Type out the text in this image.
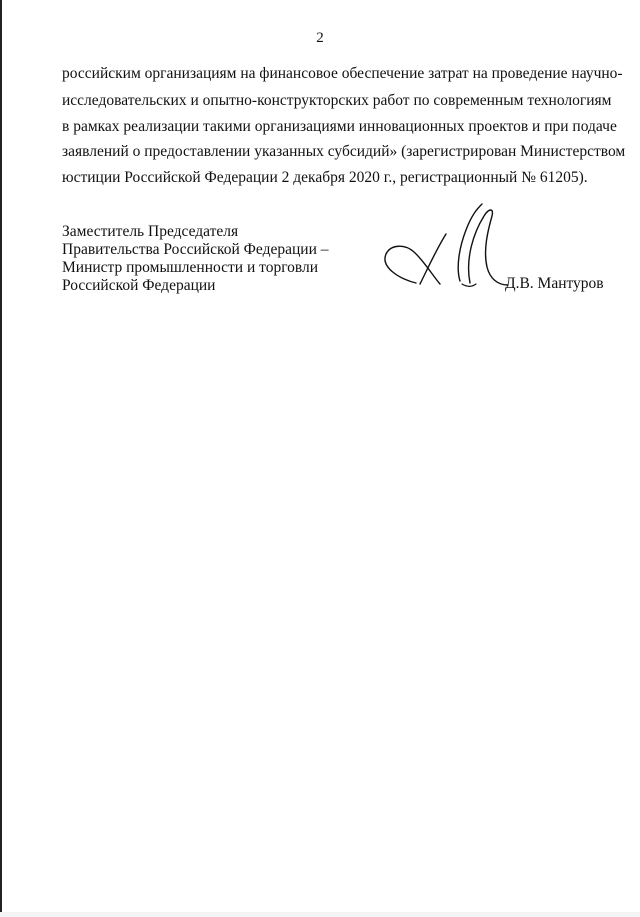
2
российским организациям на финансовое обеспечение затрат на проведение научно-
исследовательских и опытно-конструкторских работ по современным технологиям
в рамках реализации такими организациями инновационных проектов и при подаче
заявлений о предоставлении указанных субсидий» (зарегистрирован Министерством
юстиции Российской Федерации 2 декабря 2020 г., регистрационный № 61205).
Заместитель Председателя
Правительства Российской Федерации –
Министр промышленности и торговли
Российской Федерации	Д.В. Мантуров
